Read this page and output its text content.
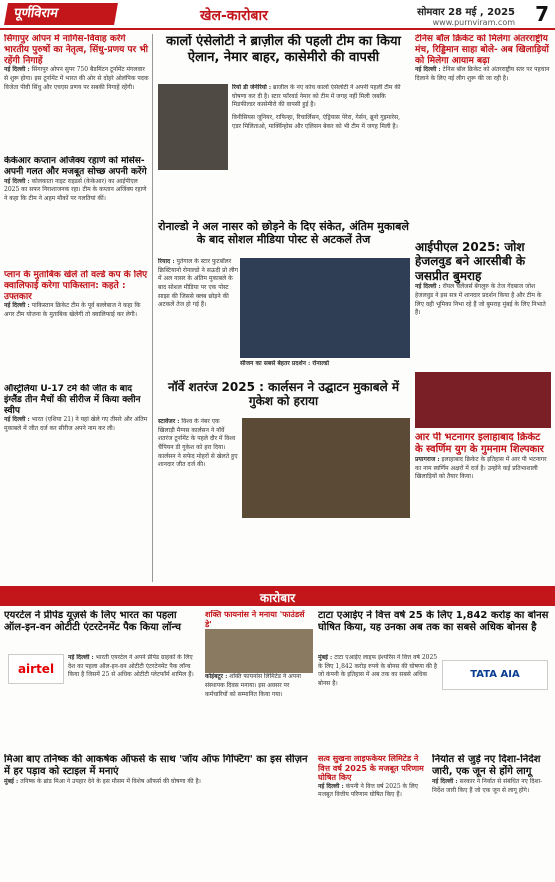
पूर्णविराम	खेल-कारोबार	सोमवार 28 मई , 2025
www.purnviram.com 7
सिंगापुर ओपन में नागिस-विवाह करेंगे भारतीय पुरुषों का नेतृत्व, सिंधु-प्रणय पर भी रहेंगी निगाहें
नई दिल्ली : सिंगापुर ओपन सुपर 750 बैडमिंटन टूर्नामेंट मंगलवार से शुरू होगा। इस टूर्नामेंट में भारत की ओर से दोहरे ओलंपिक पदक विजेता पीवी सिंधु और एचएस प्रणय पर सबकी निगाहें रहेंगी।
केकेआर कप्तान अजिंक्य रहाणे को मोसेंस- अपनी गलत और मजबूत सोच्छ अपनी करेंगे
नई दिल्ली : कोलकाता नाइट राइडर्स (केकेआर) का आईपीएल 2025 का सफर निराशाजनक रहा। टीम के कप्तान अजिंक्य रहाणे ने कहा कि टीम ने अहम मौकों पर गलतियां कीं।
प्लान के मुताबिक खेले तो वर्ल्ड कप के लिए क्वालिफाई करेगा पाकिस्तान: कहते : उफ्तकार
नई दिल्ली : पाकिस्तान क्रिकेट टीम के पूर्व बल्लेबाज ने कहा कि अगर टीम योजना के मुताबिक खेलेगी तो क्वालिफाई कर लेगी।
ऑस्ट्रेलिया U-17 टर्म की जीत के बाद इंग्लैंड तीन मैचों की सीरीज में किया क्लीन स्वीप
नई दिल्ली : भारत (एशिया 21) ने यहां खेले गए तीसरे और अंतिम मुकाबले में जीत दर्ज कर सीरीज अपने नाम कर ली।
कार्लो एंसेलोटी ने ब्राज़ील की पहली टीम का किया ऐलान, नेमार बाहर, कासेमीरो की वापसी
रियो डी जेनेरियो : ब्राजील के नए कोच कार्लो एंसेलोटी ने अपनी पहली टीम की घोषणा कर दी है। स्टार फॉरवर्ड नेमार को टीम में जगह नहीं मिली जबकि मिडफील्डर कासेमीरो की वापसी हुई है।
विनीसियस जूनियर, राफिन्हा, रिचार्लिसन, एंड्रियास पेरेरा, गेर्सन, ब्रूनो गुइमारेस, एडर मिलिताओ, मार्क्विन्होस और एलिसन बेकर को भी टीम में जगह मिली है।
रोनाल्डो ने अल नासर को छोड़ने के दिए संकेत, अंतिम मुकाबले के बाद सोशल मीडिया पोस्ट से अटकलें तेज
रियाद : पुर्तगाल के स्टार फुटबॉलर क्रिस्टियानो रोनाल्डो ने सऊदी प्रो लीग में अल नासर के अंतिम मुकाबले के बाद सोशल मीडिया पर एक पोस्ट साझा की जिससे क्लब छोड़ने की अटकलें तेज हो गई हैं।
सीजन का सबसे बेहतर प्रदर्शन : रोनाल्डो
टेनिस बॉल क्रिकेट को मिलेगा अंतरराष्ट्रीय मंच, रिड्डिमान साहा बोले- अब खिलाड़ियों को मिलेगा आयाम बढ़ा
नई दिल्ली : टेनिस बॉल क्रिकेट को अंतरराष्ट्रीय स्तर पर पहचान दिलाने के लिए नई लीग शुरू की जा रही है।
आईपीएल 2025: जोश हेजलवुड बने आरसीबी के जसप्रीत बुमराह
नई दिल्ली : रॉयल चैलेंजर्स बेंगलुरु के तेज गेंदबाज जोश हेजलवुड ने इस सत्र में शानदार प्रदर्शन किया है और टीम के लिए वही भूमिका निभा रहे हैं जो बुमराह मुंबई के लिए निभाते हैं।
आर पी भटनागर इलाहाबाद क्रिकेट के स्वर्णिम युग के गुमनाम शिल्पकार
प्रयागराज : इलाहाबाद क्रिकेट के इतिहास में आर पी भटनागर का नाम स्वर्णिम अक्षरों में दर्ज है। उन्होंने कई प्रतिभाशाली खिलाड़ियों को तैयार किया।
नॉर्वे शतरंज 2025 : कार्लसन ने उद्घाटन मुकाबले में गुकेश को हराया
स्टावेंजर : विश्व के नंबर एक खिलाड़ी मैग्नस कार्लसन ने नॉर्वे शतरंज टूर्नामेंट के पहले दौर में विश्व चैंपियन डी गुकेश को हरा दिया। कार्लसन ने सफेद मोहरों से खेलते हुए शानदार जीत दर्ज की।
कारोबार
एयरटेल ने प्रीपेड यूज़र्स के लिए भारत का पहला ऑल-इन-वन ओटीटी एंटरटेनमेंट पैक किया लॉन्च
airtel
नई दिल्ली : भारती एयरटेल ने अपने प्रीपेड ग्राहकों के लिए देश का पहला ऑल-इन-वन ओटीटी एंटरटेनमेंट पैक लॉन्च किया है जिसमें 25 से अधिक ओटीटी प्लेटफॉर्म शामिल हैं।
शक्ति फायनांस ने मनाया 'फाउंडर्स डे'
कोइंबटूर : शक्ति फायनांस लिमिटेड ने अपना संस्थापक दिवस मनाया। इस अवसर पर कर्मचारियों को सम्मानित किया गया।
टाटा एआईए ने वित्त वर्ष 25 के लिए 1,842 करोड़ का बोनस घोषित किया, यह उनका अब तक का सबसे अधिक बोनस है
मुंबई : टाटा एआईए लाइफ इंश्योरेंस ने वित्त वर्ष 2025 के लिए 1,842 करोड़ रुपये के बोनस की घोषणा की है जो कंपनी के इतिहास में अब तक का सबसे अधिक बोनस है।
TATA AIA
मिआ बाए तनिष्क की आकर्षक ऑफर्स के साथ 'जॉय ऑफ गिफ्टिंग' का इस सीज़न में हर पड़ाव को स्टाइल में मनाएं
मुंबई : तनिष्क के ब्रांड मिआ ने उपहार देने के इस मौसम में विशेष ऑफर्स की घोषणा की है।
सत्व सुखना लाइफकेयर लिमिटेड ने वित्त वर्ष 2025 के मजबूत परिणाम घोषित किए
नई दिल्ली : कंपनी ने वित्त वर्ष 2025 के लिए मजबूत वित्तीय परिणाम घोषित किए हैं।
निर्यात से जुड़े नए दिशा-निर्देश जारी, एक जून से होंगे लागू
नई दिल्ली : सरकार ने निर्यात से संबंधित नए दिशा-निर्देश जारी किए हैं जो एक जून से लागू होंगे।
